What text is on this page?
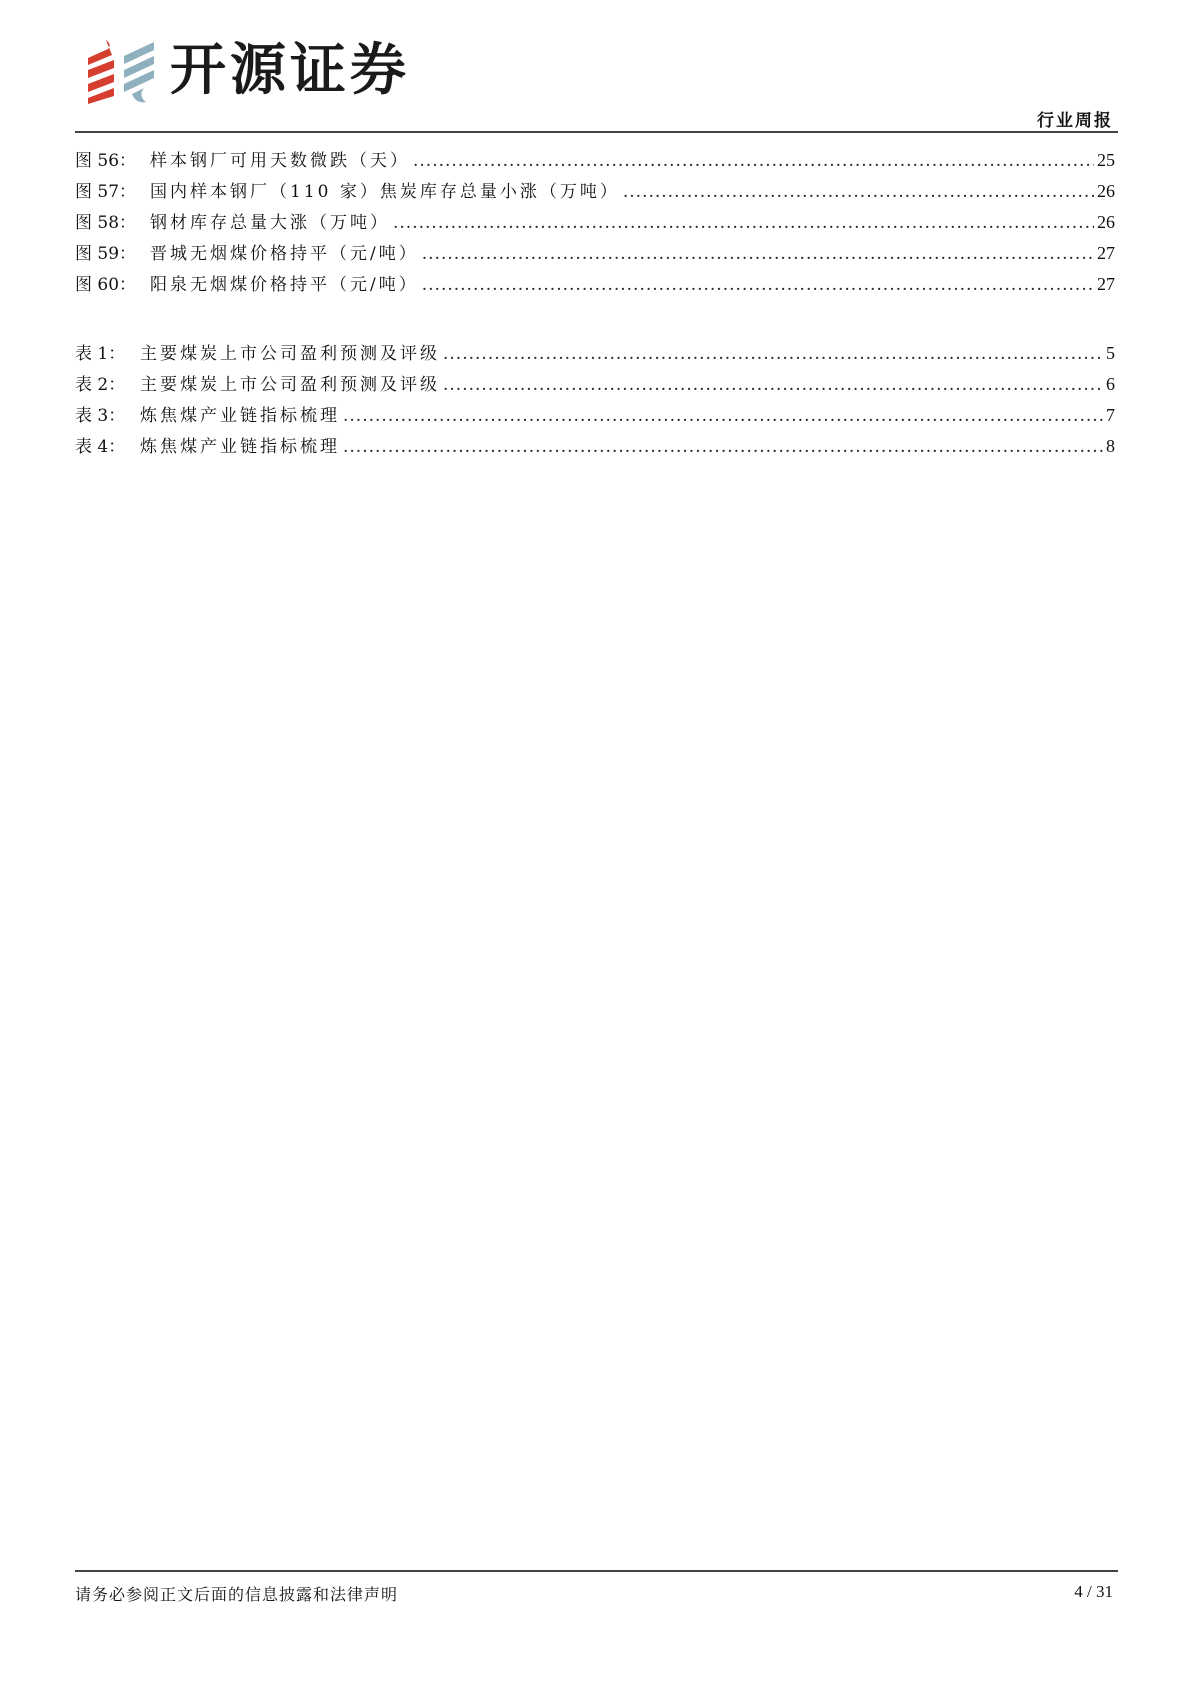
开源证券
行业周报
图 56： 样本钢厂可用天数微跌（天） .....	25
图 57： 国内样本钢厂（110 家）焦炭库存总量小涨（万吨） .....	26
图 58： 钢材库存总量大涨（万吨） .....	26
图 59： 晋城无烟煤价格持平（元/吨） .....	27
图 60： 阳泉无烟煤价格持平（元/吨） .....	27
表 1： 主要煤炭上市公司盈利预测及评级 .....	5
表 2： 主要煤炭上市公司盈利预测及评级 .....	6
表 3： 炼焦煤产业链指标梳理 .....	7
表 4： 炼焦煤产业链指标梳理 .....	8
请务必参阅正文后面的信息披露和法律声明	4 / 31
